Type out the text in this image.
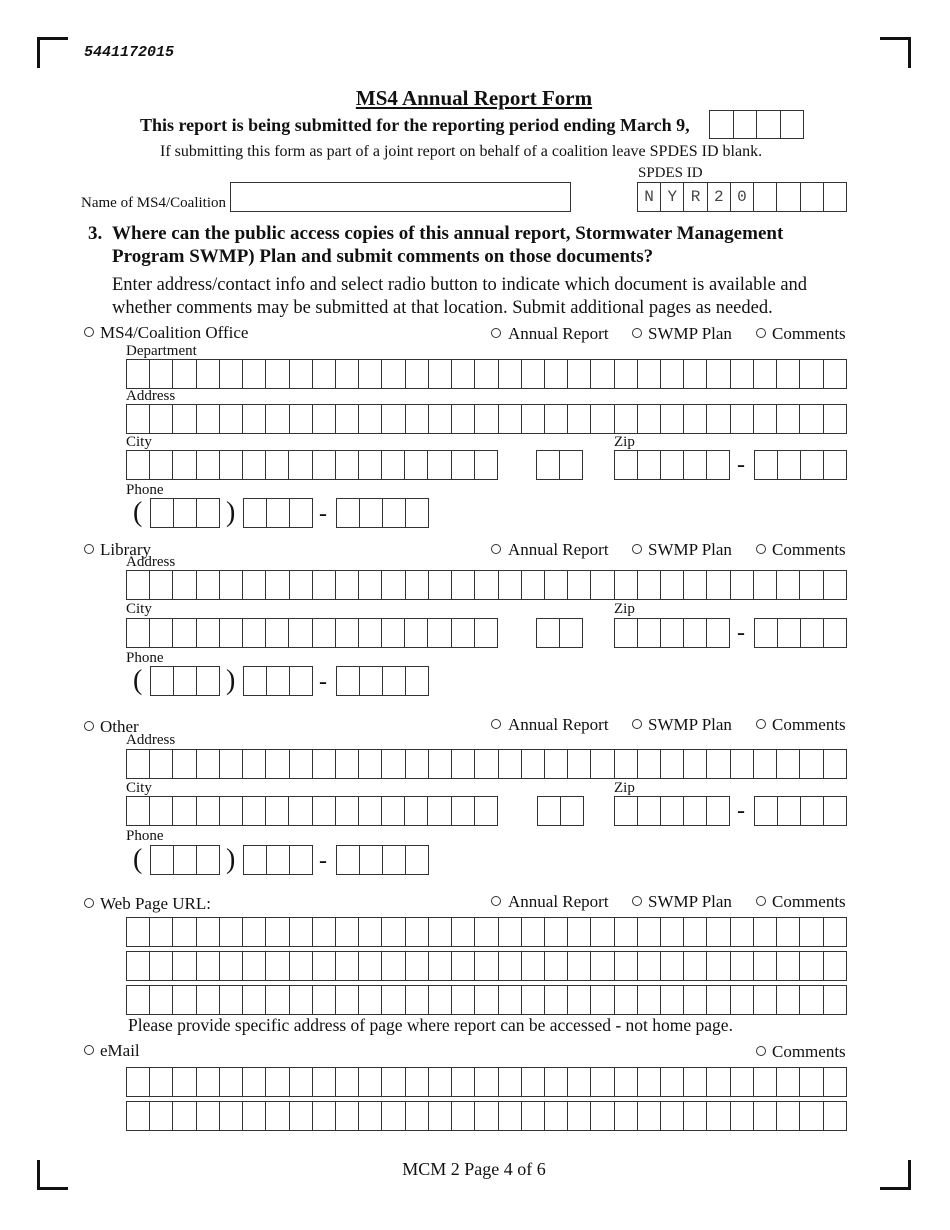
5441172015
MS4 Annual Report Form
This report is being submitted for the reporting period ending March 9,
If submitting this form as part of a joint report on behalf of a coalition leave SPDES ID blank.
SPDES ID
N Y R 2 0
Name of MS4/Coalition
3. Where can the public access copies of this annual report, Stormwater Management
Program SWMP) Plan and submit comments on those documents?
Enter address/contact info and select radio button to indicate which document is available and
whether comments may be submitted at that location. Submit additional pages as needed.
MS4/Coalition Office	Annual Report SWMP Plan Comments
Department
Address
City	Zip
-
Phone
(	)	-
Library	Annual Report SWMP Plan Comments
Address
City	Zip
-
Phone
(	)	-
Other	Annual Report SWMP Plan Comments
Address
City	Zip
-
Phone
(	)	-
Web Page URL:	Annual Report SWMP Plan Comments
Please provide specific address of page where report can be accessed - not home page.
eMail	Comments
MCM 2 Page 4 of 6
